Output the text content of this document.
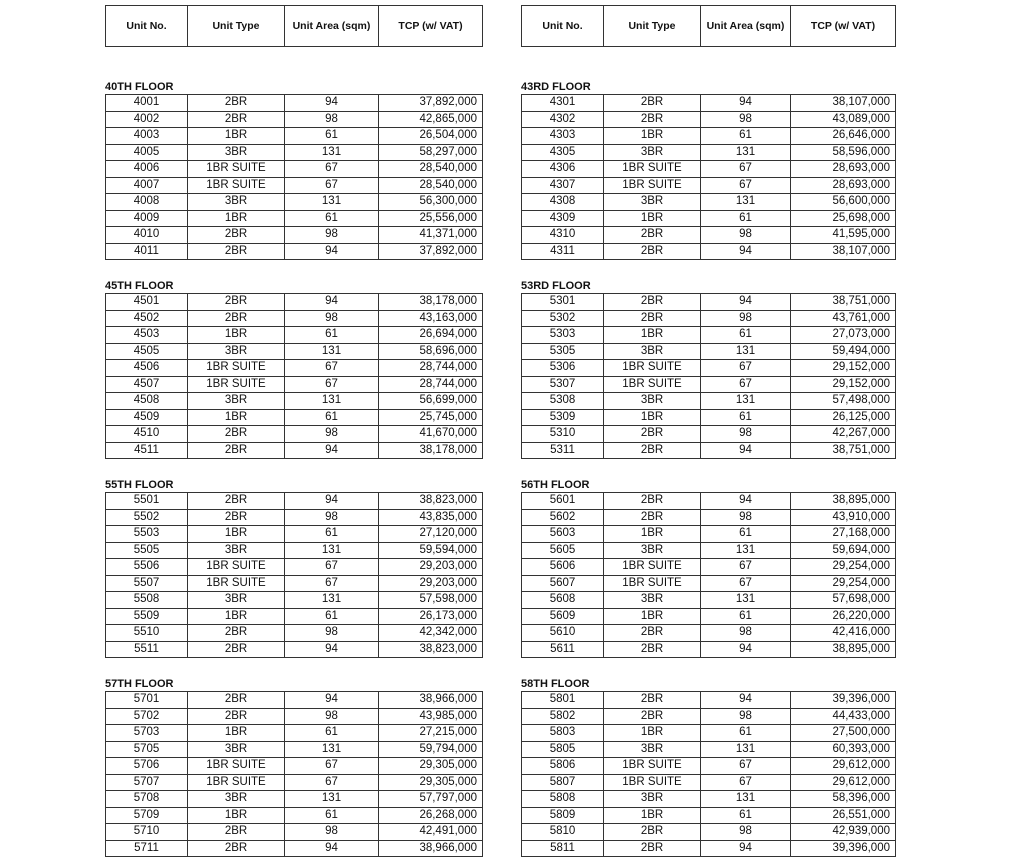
Unit No.	Unit Type	Unit Area (sqm)	TCP (w/ VAT)
40TH FLOOR
4001	2BR	94	37,892,000
4002	2BR	98	42,865,000
4003	1BR	61	26,504,000
4005	3BR	131	58,297,000
4006	1BR SUITE	67	28,540,000
4007	1BR SUITE	67	28,540,000
4008	3BR	131	56,300,000
4009	1BR	61	25,556,000
4010	2BR	98	41,371,000
4011	2BR	94	37,892,000
45TH FLOOR
4501	2BR	94	38,178,000
4502	2BR	98	43,163,000
4503	1BR	61	26,694,000
4505	3BR	131	58,696,000
4506	1BR SUITE	67	28,744,000
4507	1BR SUITE	67	28,744,000
4508	3BR	131	56,699,000
4509	1BR	61	25,745,000
4510	2BR	98	41,670,000
4511	2BR	94	38,178,000
55TH FLOOR
5501	2BR	94	38,823,000
5502	2BR	98	43,835,000
5503	1BR	61	27,120,000
5505	3BR	131	59,594,000
5506	1BR SUITE	67	29,203,000
5507	1BR SUITE	67	29,203,000
5508	3BR	131	57,598,000
5509	1BR	61	26,173,000
5510	2BR	98	42,342,000
5511	2BR	94	38,823,000
57TH FLOOR
5701	2BR	94	38,966,000
5702	2BR	98	43,985,000
5703	1BR	61	27,215,000
5705	3BR	131	59,794,000
5706	1BR SUITE	67	29,305,000
5707	1BR SUITE	67	29,305,000
5708	3BR	131	57,797,000
5709	1BR	61	26,268,000
5710	2BR	98	42,491,000
5711	2BR	94	38,966,000
Unit No.	Unit Type	Unit Area (sqm)	TCP (w/ VAT)
43RD FLOOR
4301	2BR	94	38,107,000
4302	2BR	98	43,089,000
4303	1BR	61	26,646,000
4305	3BR	131	58,596,000
4306	1BR SUITE	67	28,693,000
4307	1BR SUITE	67	28,693,000
4308	3BR	131	56,600,000
4309	1BR	61	25,698,000
4310	2BR	98	41,595,000
4311	2BR	94	38,107,000
53RD FLOOR
5301	2BR	94	38,751,000
5302	2BR	98	43,761,000
5303	1BR	61	27,073,000
5305	3BR	131	59,494,000
5306	1BR SUITE	67	29,152,000
5307	1BR SUITE	67	29,152,000
5308	3BR	131	57,498,000
5309	1BR	61	26,125,000
5310	2BR	98	42,267,000
5311	2BR	94	38,751,000
56TH FLOOR
5601	2BR	94	38,895,000
5602	2BR	98	43,910,000
5603	1BR	61	27,168,000
5605	3BR	131	59,694,000
5606	1BR SUITE	67	29,254,000
5607	1BR SUITE	67	29,254,000
5608	3BR	131	57,698,000
5609	1BR	61	26,220,000
5610	2BR	98	42,416,000
5611	2BR	94	38,895,000
58TH FLOOR
5801	2BR	94	39,396,000
5802	2BR	98	44,433,000
5803	1BR	61	27,500,000
5805	3BR	131	60,393,000
5806	1BR SUITE	67	29,612,000
5807	1BR SUITE	67	29,612,000
5808	3BR	131	58,396,000
5809	1BR	61	26,551,000
5810	2BR	98	42,939,000
5811	2BR	94	39,396,000
